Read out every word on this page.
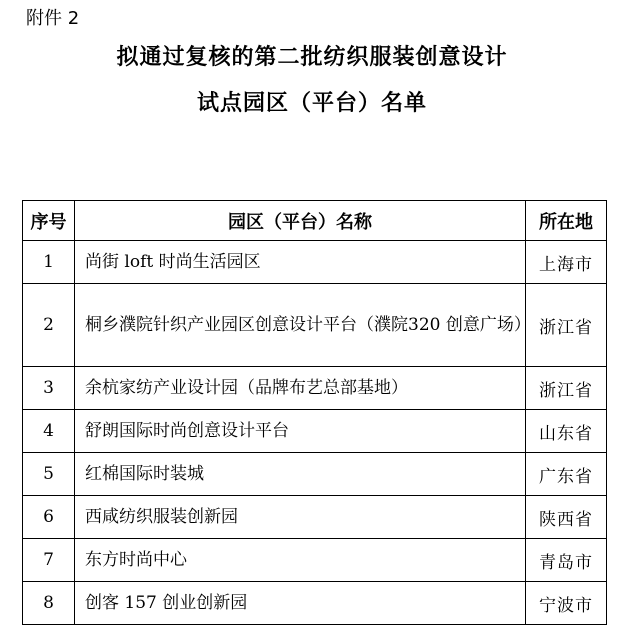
附件 2
拟通过复核的第二批纺织服装创意设计
试点园区（平台）名单
序号	园区（平台）名称	所在地
1	尚街 loft 时尚生活园区	上海市
2	桐乡濮院针织产业园区创意设计平台（濮院320 创意广场）	浙江省
3	余杭家纺产业设计园（品牌布艺总部基地）	浙江省
4	舒朗国际时尚创意设计平台	山东省
5	红棉国际时装城	广东省
6	西咸纺织服装创新园	陕西省
7	东方时尚中心	青岛市
8	创客 157 创业创新园	宁波市
